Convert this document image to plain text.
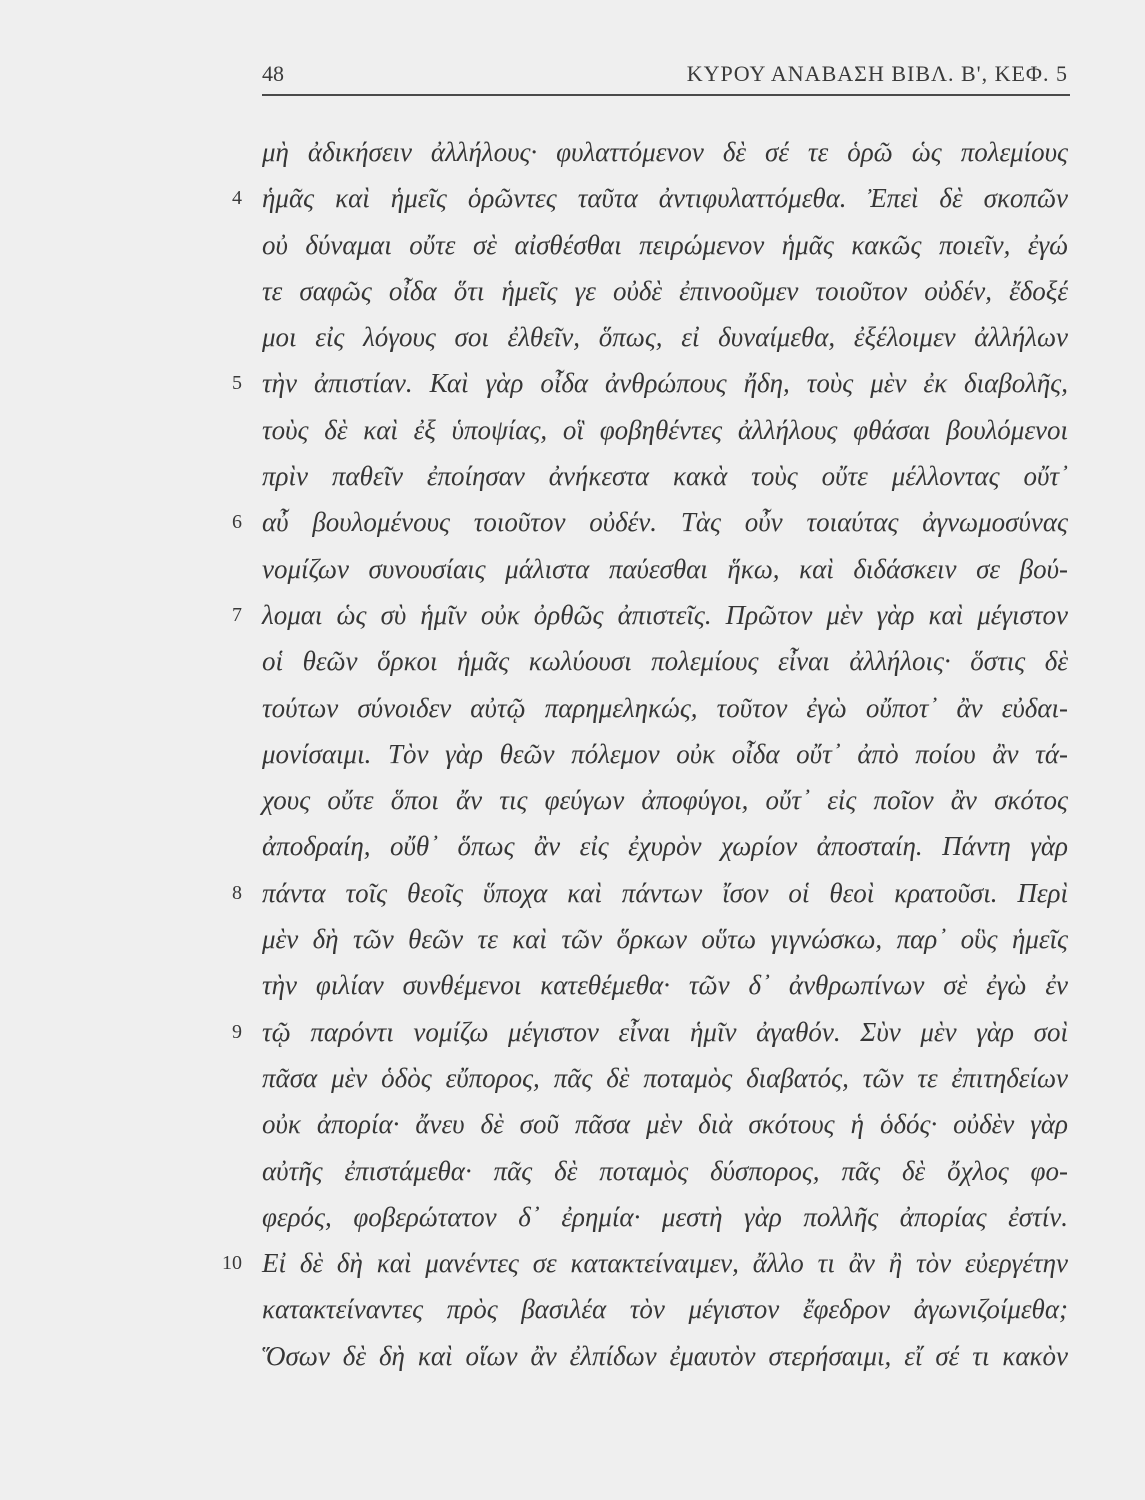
48	ΚΥΡΟΥ ΑΝΑΒΑΣΗ ΒΙΒΛ. Β', ΚΕΦ. 5
μὴ ἀδικήσειν ἀλλήλους· φυλαττόμενον δὲ σέ τε ὁρῶ ὡς πολεμίους
4 ἡμᾶς καὶ ἡμεῖς ὁρῶντες ταῦτα ἀντιφυλαττόμεθα. Ἐπεὶ δὲ σκοπῶν
οὐ δύναμαι οὔτε σὲ αἰσθέσθαι πειρώμενον ἡμᾶς κακῶς ποιεῖν, ἐγώ
τε σαφῶς οἶδα ὅτι ἡμεῖς γε οὐδὲ ἐπινοοῦμεν τοιοῦτον οὐδέν, ἔδοξέ
μοι εἰς λόγους σοι ἐλθεῖν, ὅπως, εἰ δυναίμεθα, ἐξέλοιμεν ἀλλήλων
5 τὴν ἀπιστίαν. Καὶ γὰρ οἶδα ἀνθρώπους ἤδη, τοὺς μὲν ἐκ διαβολῆς,
τοὺς δὲ καὶ ἐξ ὑποψίας, οἳ φοβηθέντες ἀλλήλους φθάσαι βουλόμενοι
πρὶν παθεῖν ἐποίησαν ἀνήκεστα κακὰ τοὺς οὔτε μέλλοντας οὔτ᾽
6 αὖ βουλομένους τοιοῦτον οὐδέν. Τὰς οὖν τοιαύτας ἀγνωμοσύνας
νομίζων συνουσίαις μάλιστα παύεσθαι ἥκω, καὶ διδάσκειν σε βού-
7 λομαι ὡς σὺ ἡμῖν οὐκ ὀρθῶς ἀπιστεῖς. Πρῶτον μὲν γὰρ καὶ μέγιστον
οἱ θεῶν ὅρκοι ἡμᾶς κωλύουσι πολεμίους εἶναι ἀλλήλοις· ὅστις δὲ
τούτων σύνοιδεν αὐτῷ παρημεληκώς, τοῦτον ἐγὼ οὔποτ᾽ ἂν εὐδαι-
μονίσαιμι. Τὸν γὰρ θεῶν πόλεμον οὐκ οἶδα οὔτ᾽ ἀπὸ ποίου ἂν τά-
χους οὔτε ὅποι ἄν τις φεύγων ἀποφύγοι, οὔτ᾽ εἰς ποῖον ἂν σκότος
ἀποδραίη, οὔθ᾽ ὅπως ἂν εἰς ἐχυρὸν χωρίον ἀποσταίη. Πάντη γὰρ
8 πάντα τοῖς θεοῖς ὕποχα καὶ πάντων ἴσον οἱ θεοὶ κρατοῦσι. Περὶ
μὲν δὴ τῶν θεῶν τε καὶ τῶν ὅρκων οὕτω γιγνώσκω, παρ᾽ οὓς ἡμεῖς
τὴν φιλίαν συνθέμενοι κατεθέμεθα· τῶν δ᾽ ἀνθρωπίνων σὲ ἐγὼ ἐν
9 τῷ παρόντι νομίζω μέγιστον εἶναι ἡμῖν ἀγαθόν. Σὺν μὲν γὰρ σοὶ
πᾶσα μὲν ὁδὸς εὔπορος, πᾶς δὲ ποταμὸς διαβατός, τῶν τε ἐπιτηδείων
οὐκ ἀπορία· ἄνευ δὲ σοῦ πᾶσα μὲν διὰ σκότους ἡ ὁδός· οὐδὲν γὰρ
αὐτῆς ἐπιστάμεθα· πᾶς δὲ ποταμὸς δύσπορος, πᾶς δὲ ὄχλος φο-
φερός, φοβερώτατον δ᾽ ἐρημία· μεστὴ γὰρ πολλῆς ἀπορίας ἐστίν.
10 Εἰ δὲ δὴ καὶ μανέντες σε κατακτείναιμεν, ἄλλο τι ἂν ἢ τὸν εὐεργέτην
κατακτείναντες πρὸς βασιλέα τὸν μέγιστον ἔφεδρον ἀγωνιζοίμεθα;
Ὅσων δὲ δὴ καὶ οἵων ἂν ἐλπίδων ἐμαυτὸν στερήσαιμι, εἴ σέ τι κακὸν
